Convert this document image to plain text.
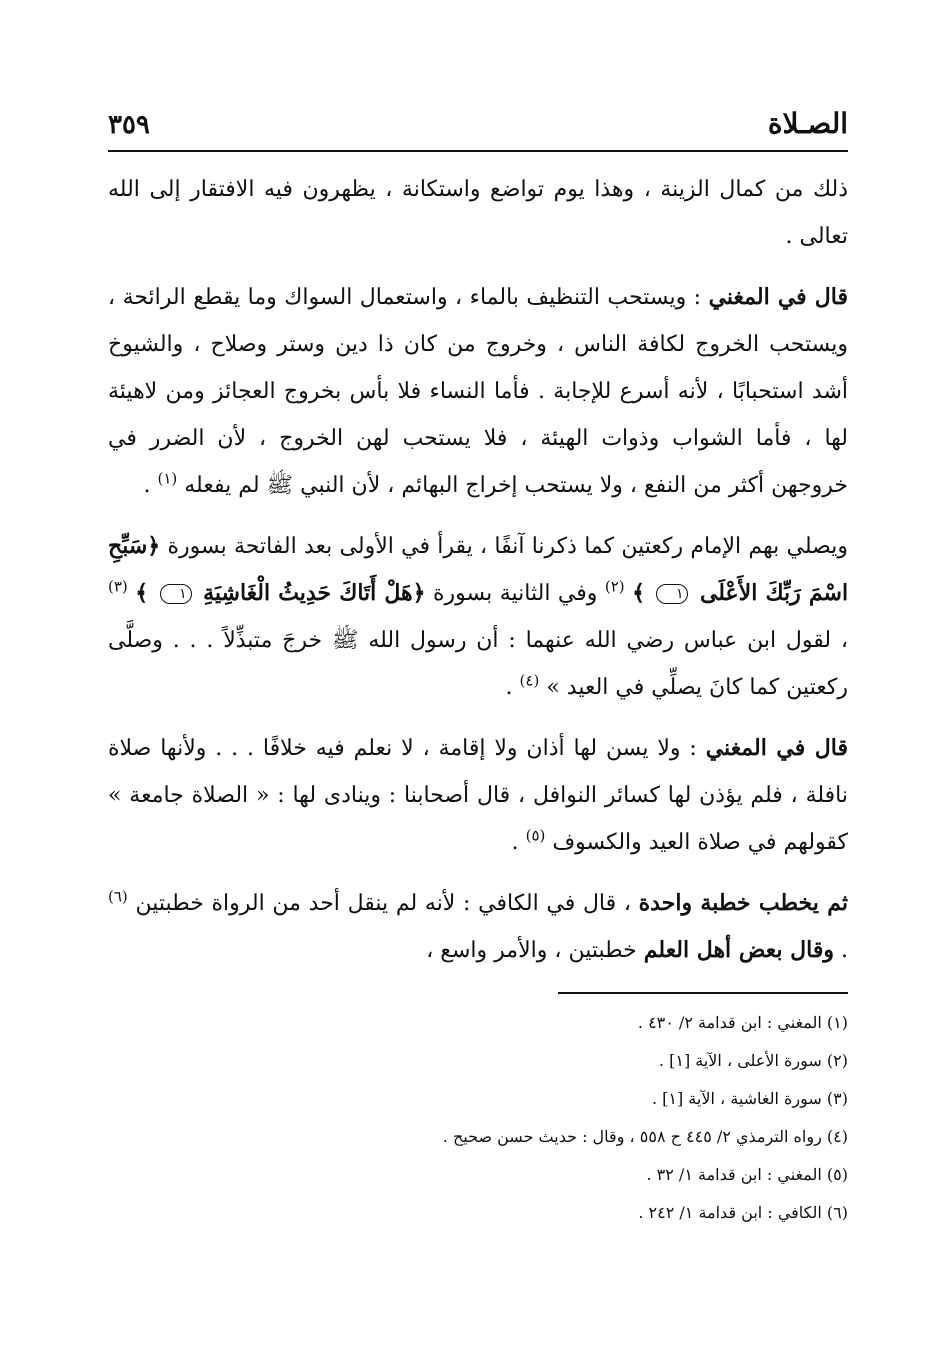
الصـلاة
٣٥٩

ذلك من كمال الزينة ، وهذا يوم تواضع واستكانة ، يظهرون فيه الافتقار إلى الله تعالى .

قال في المغني : ويستحب التنظيف بالماء ، واستعمال السواك وما يقطع الرائحة ، ويستحب الخروج لكافة الناس ، وخروج من كان ذا دين وستر وصلاح ، والشيوخ أشد استحبابًا ، لأنه أسرع للإجابة . فأما النساء فلا بأس بخروج العجائز ومن لاهيئة لها ، فأما الشواب وذوات الهيئة ، فلا يستحب لهن الخروج ، لأن الضرر في خروجهن أكثر من النفع ، ولا يستحب إخراج البهائم ، لأن النبي ﷺ لم يفعله $^{(١)}$ .

ويصلي بهم الإمام ركعتين كما ذكرنا آنفًا ، يقرأ في الأولى بعد الفاتحة بسورة ﴿سَبِّحِ اسْمَ رَبِّكَ الأَعْلَى ١ ﴾ $^{(٢)}$ وفي الثانية بسورة ﴿هَلْ أَتَاكَ حَدِيثُ الْغَاشِيَةِ ١ ﴾ $^{(٣)}$ ، لقول ابن عباس رضي الله عنهما : أن رسول الله ﷺ خرجَ متبذِّلاً . . . وصلَّى ركعتين كما كانَ يصلِّي في العيد » $^{(٤)}$ .

قال في المغني : ولا يسن لها أذان ولا إقامة ، لا نعلم فيه خلافًا . . . ولأنها صلاة نافلة ، فلم يؤذن لها كسائر النوافل ، قال أصحابنا : وينادى لها : « الصلاة جامعة » كقولهم في صلاة العيد والكسوف $^{(٥)}$ .

ثم يخطب خطبة واحدة ، قال في الكافي : لأنه لم ينقل أحد من الرواة خطبتين $^{(٦)}$ . وقال بعض أهل العلم خطبتين ، والأمر واسع ،

(١) المغني : ابن قدامة ٢/ ٤٣٠ .

(٢) سورة الأعلى ، الآية [١] .

(٣) سورة الغاشية ، الآية [١] .

(٤) رواه الترمذي ٢/ ٤٤٥ ح ٥٥٨ ، وقال : حديث حسن صحيح .

(٥) المغني : ابن قدامة ١/ ٣٢ .

(٦) الكافي : ابن قدامة ١/ ٢٤٢ .
